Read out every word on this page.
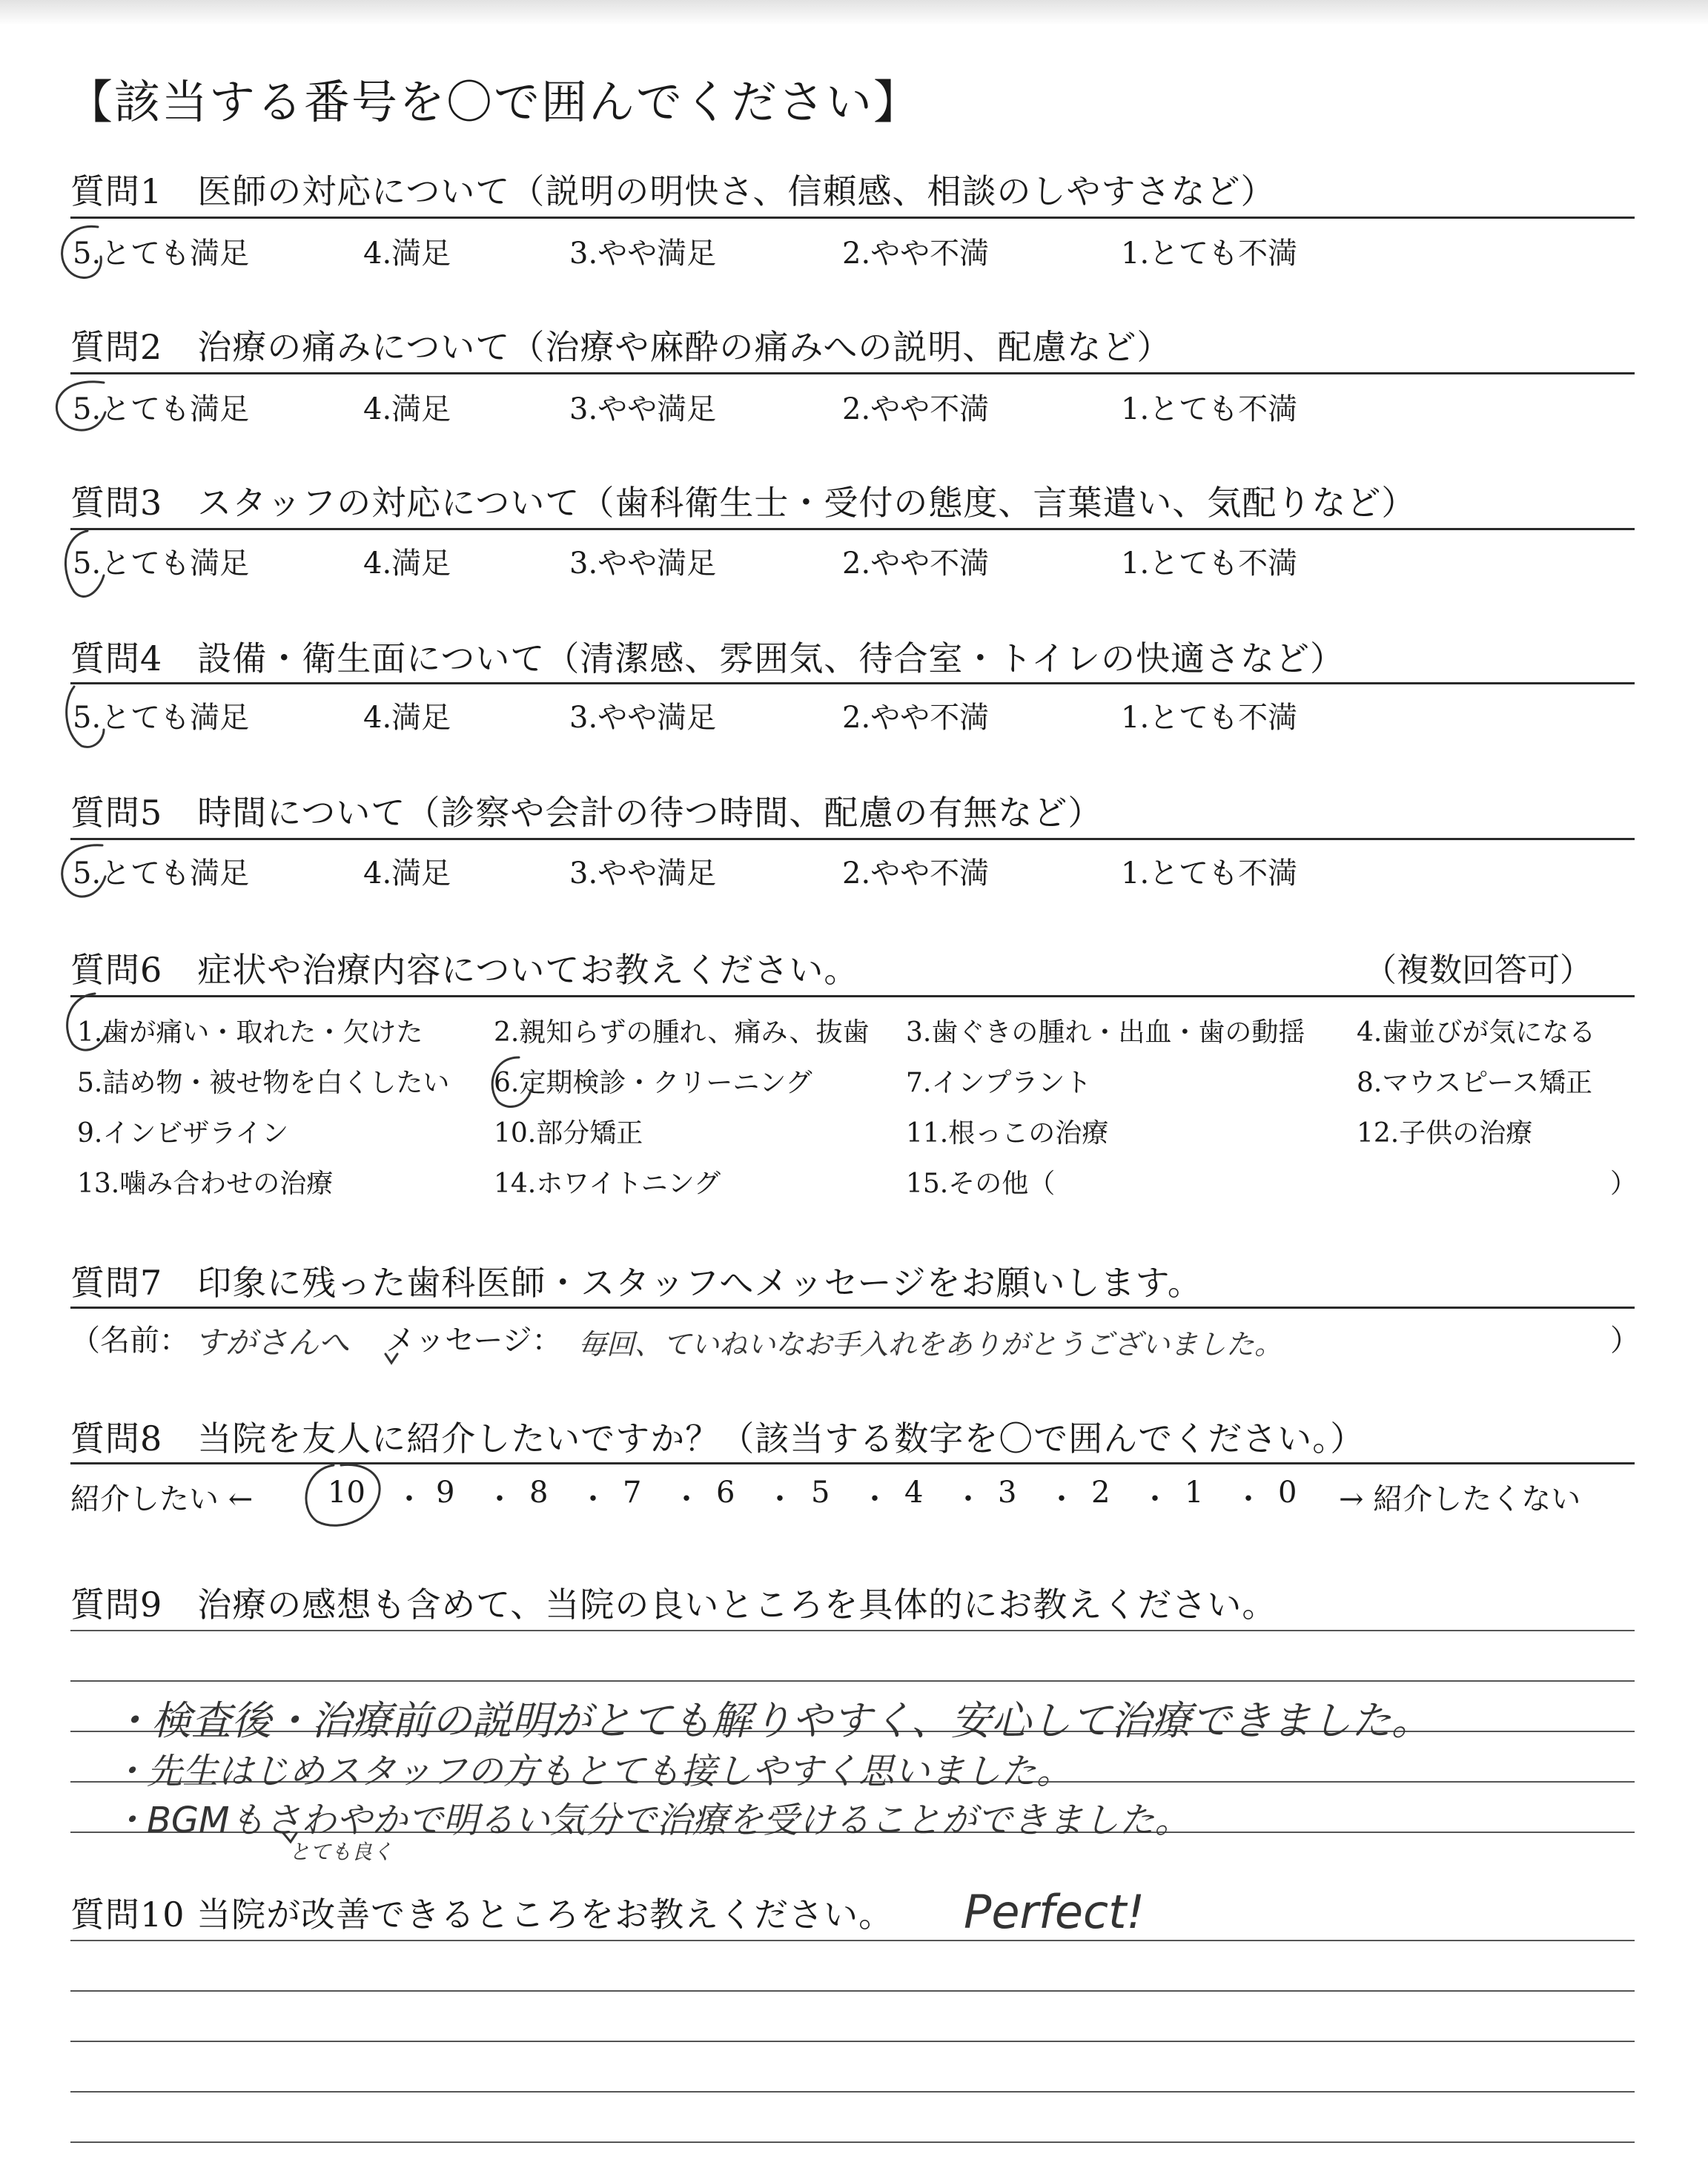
【該当する番号を〇で囲んでください】
質問1　医師の対応について（説明の明快さ、信頼感、相談のしやすさなど）
5.とても満足	4.満足	3.やや満足	2.やや不満	1.とても不満
質問2　治療の痛みについて（治療や麻酔の痛みへの説明、配慮など）
5.とても満足	4.満足	3.やや満足	2.やや不満	1.とても不満
質問3　スタッフの対応について（歯科衛生士・受付の態度、言葉遣い、気配りなど）
5.とても満足	4.満足	3.やや満足	2.やや不満	1.とても不満
質問4　設備・衛生面について（清潔感、雰囲気、待合室・トイレの快適さなど）
5.とても満足	4.満足	3.やや満足	2.やや不満	1.とても不満
質問5　時間について（診察や会計の待つ時間、配慮の有無など）
5.とても満足	4.満足	3.やや満足	2.やや不満	1.とても不満
質問6　症状や治療内容についてお教えください。	（複数回答可）
1.歯が痛い・取れた・欠けた	2.親知らずの腫れ、痛み、抜歯 3.歯ぐきの腫れ・出血・歯の動揺 4.歯並びが気になる
5.詰め物・被せ物を白くしたい 6.定期検診・クリーニング	7.インプラント	8.マウスピース矯正
9.インビザライン	10.部分矯正	11.根っこの治療	12.子供の治療
13.噛み合わせの治療	14.ホワイトニング	15.その他（	）
質問7　印象に残った歯科医師・スタッフへメッセージをお願いします。
（名前： すがさんへ メッセージ： 毎回、ていねいなお手入れをありがとうございました。	）
質問8　当院を友人に紹介したいですか？（該当する数字を〇で囲んでください。）
紹介したい ←	10 ・ 9 ・ 8 ・ 7 ・ 6 ・ 5 ・ 4 ・ 3 ・ 2 ・ 1 ・ 0 → 紹介したくない
質問9　治療の感想も含めて、当院の良いところを具体的にお教えください。
・検査後・治療前の説明がとても解りやすく、安心して治療できました。
・先生はじめスタッフの方もとても接しやすく思いました。
・BGMもさわやかで明るい気分で治療を受けることができました。
とても良く
質問10 当院が改善できるところをお教えください。 Perfect!
